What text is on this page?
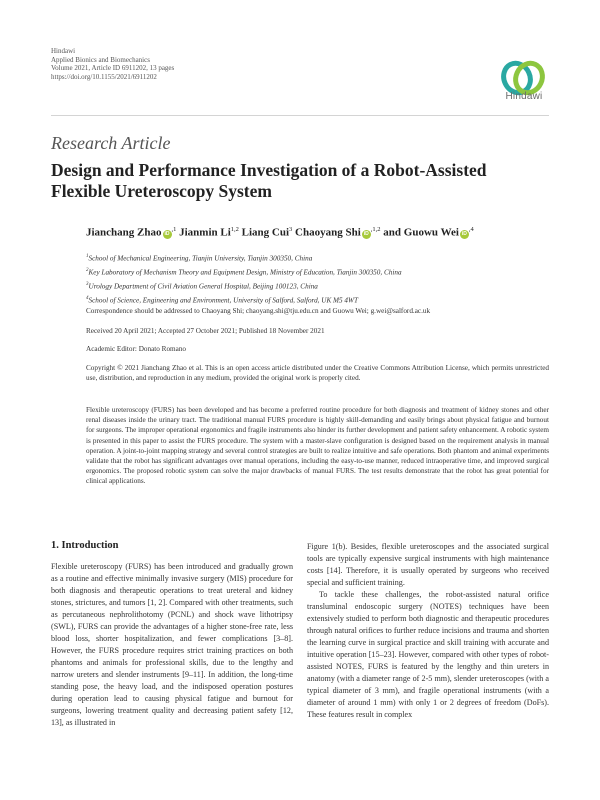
Hindawi
Applied Bionics and Biomechanics
Volume 2021, Article ID 6911202, 13 pages
https://doi.org/10.1155/2021/6911202
Hindawi
Research Article
Design and Performance Investigation of a Robot-Assisted Flexible Ureteroscopy System
Jianchang Zhao $iD^{,1}$ Jianmin Li$^{1,2}$ Liang Cui$^3$ Chaoyang Shi $iD^{,1,2}$ and Guowu Wei $iD^{,4}$
$^1$School of Mechanical Engineering, Tianjin University, Tianjin 300350, China
$^2$Key Laboratory of Mechanism Theory and Equipment Design, Ministry of Education, Tianjin 300350, China
$^3$Urology Department of Civil Aviation General Hospital, Beijing 100123, China
$^4$School of Science, Engineering and Environment, University of Salford, Salford, UK M5 4WT
Correspondence should be addressed to Chaoyang Shi; chaoyang.shi@tju.edu.cn and Guowu Wei; g.wei@salford.ac.uk
Received 20 April 2021; Accepted 27 October 2021; Published 18 November 2021
Academic Editor: Donato Romano
Copyright © 2021 Jianchang Zhao et al. This is an open access article distributed under the Creative Commons Attribution License, which permits unrestricted use, distribution, and reproduction in any medium, provided the original work is properly cited.
Flexible ureteroscopy (FURS) has been developed and has become a preferred routine procedure for both diagnosis and treatment of kidney stones and other renal diseases inside the urinary tract. The traditional manual FURS procedure is highly skill-demanding and easily brings about physical fatigue and burnout for surgeons. The improper operational ergonomics and fragile instruments also hinder its further development and patient safety enhancement. A robotic system is presented in this paper to assist the FURS procedure. The system with a master-slave configuration is designed based on the requirement analysis in manual operation. A joint-to-joint mapping strategy and several control strategies are built to realize intuitive and safe operations. Both phantom and animal experiments validate that the robot has significant advantages over manual operations, including the easy-to-use manner, reduced intraoperative time, and improved surgical ergonomics. The proposed robotic system can solve the major drawbacks of manual FURS. The test results demonstrate that the robot has great potential for clinical applications.
1. Introduction

Flexible ureteroscopy (FURS) has been introduced and gradually grown as a routine and effective minimally invasive surgery (MIS) procedure for both diagnosis and therapeutic operations to treat ureteral and kidney stones, strictures, and tumors [1, 2]. Compared with other treatments, such as percutaneous nephrolithotomy (PCNL) and shock wave lithotripsy (SWL), FURS can provide the advantages of a higher stone-free rate, less blood loss, shorter hospitalization, and fewer complications [3–8]. However, the FURS procedure requires strict training practices on both phantoms and animals for professional skills, due to the lengthy and narrow ureters and slender instruments [9–11]. In addition, the long-time standing pose, the heavy load, and the indisposed operation postures during operation lead to causing physical fatigue and burnout for surgeons, lowering treatment quality and decreasing patient safety [12, 13], as illustrated in

Figure 1(b). Besides, flexible ureteroscopes and the associated surgical tools are typically expensive surgical instruments with high maintenance costs [14]. Therefore, it is usually operated by surgeons who received special and sufficient training.

To tackle these challenges, the robot-assisted natural orifice transluminal endoscopic surgery (NOTES) techniques have been extensively studied to perform both diagnostic and therapeutic procedures through natural orifices to further reduce incisions and trauma and shorten the learning curve in surgical practice and skill training with accurate and intuitive operation [15–23]. However, compared with other types of robot-assisted NOTES, FURS is featured by the lengthy and thin ureters in anatomy (with a diameter range of 2-5 mm), slender ureteroscopes (with a typical diameter of 3 mm), and fragile operational instruments (with a diameter of around 1 mm) with only 1 or 2 degrees of freedom (DoFs). These features result in complex
